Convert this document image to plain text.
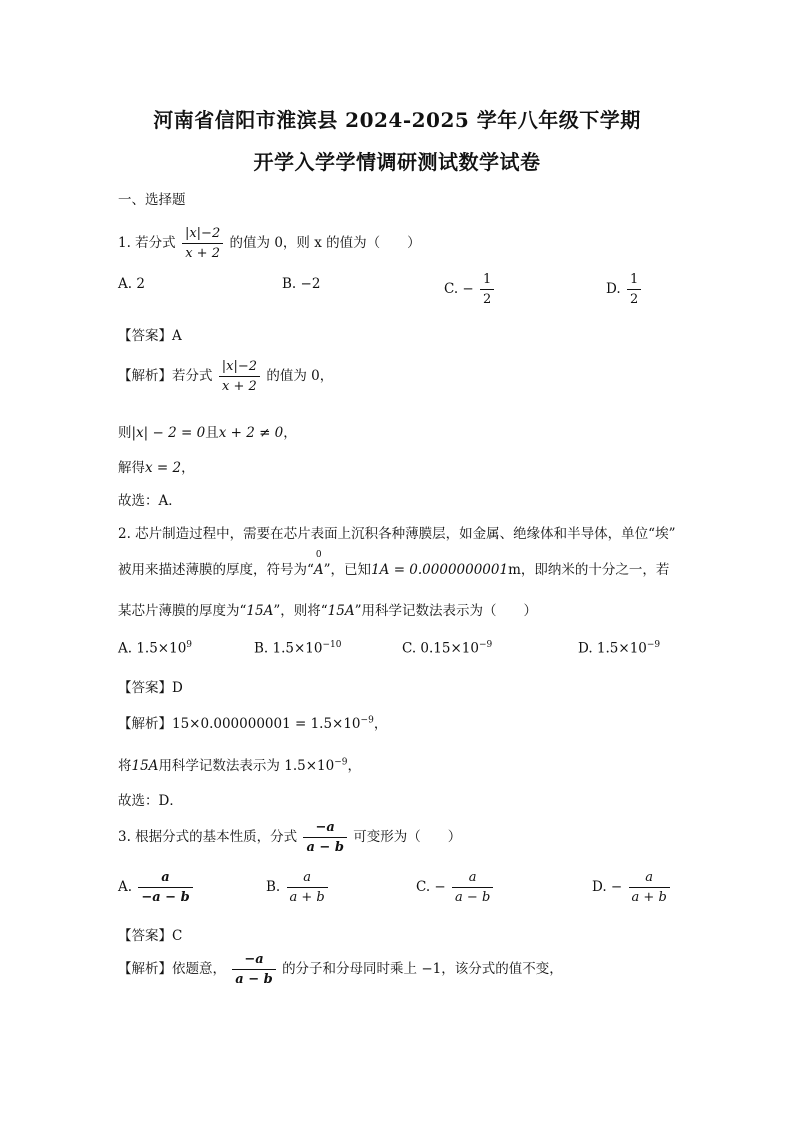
河南省信阳市淮滨县 2024-2025 学年八年级下学期
开学入学学情调研测试数学试卷
一、选择题
1. 若分式 $\frac{|x|-2}{x + 2}$ 的值为 0，则 x 的值为（　　）
A. 2	B. −2	C. − $\frac{1}{2}$	D. $\frac{1}{2}$
【答案】A
【解析】若分式 $\frac{|x|-2}{x + 2}$ 的值为 0，
则|x| − 2 = 0且x + 2 ≠ 0，
解得x = 2，
故选：A．
2. 芯片制造过程中，需要在芯片表面上沉积各种薄膜层，如金属、绝缘体和半导体，单位“埃”
被用来描述薄膜的厚度，符号为“
0
A”，已知1A = 0.0000000001m，即纳米的十分之一，若
某芯片薄膜的厚度为“15A”，则将“15A”用科学记数法表示为（　　）
A. $1.5\times 10^9$	B. $1.5\times 10^{-10}$	C. $0.15\times 10^{-9}$	D. $1.5\times 10^{-9}$
【答案】D
【解析】$15\times 0.000000001 = 1.5\times 10^{-9}$，
将15A用科学记数法表示为 $1.5\times 10^{-9}$，
故选：D．
3. 根据分式的基本性质，分式 $\frac{-a}{a - b}$ 可变形为（　　）
A. $\frac{a}{-a - b}$	B. $\frac{a}{a + b}$	C. − $\frac{a}{a - b}$	D. − $\frac{a}{a + b}$
【答案】C
【解析】依题意， $\frac{-a}{a - b}$ 的分子和分母同时乘上 −1，该分式的值不变，
